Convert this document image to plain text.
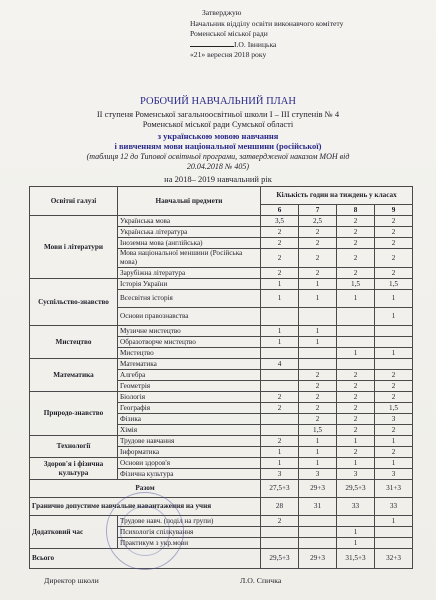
Затверджую
Начальник відділу освіти виконавчого комітету
Роменської міської ради
І.О. Івницька
«21» вересня 2018 року
РОБОЧИЙ НАВЧАЛЬНИЙ ПЛАН
ІІ ступеня Роменської загальноосвітньої школи І – ІІІ ступенів № 4
Роменської міської ради Сумської області
з українською мовою навчання
і вивченням мови національної меншини (російської)
(таблиця 12 до Типової освітньої програми, затвердженої наказом МОН від
20.04.2018 № 405)
на 2018– 2019 навчальний рік
Освітні галузі	Навчальні предмети	Кількість годин на тиждень у класах			
		6	7	8	9
Мови і літератури	Українська мова	3,5	2,5	2	2
	Українська література	2	2	2	2
	Іноземна мова (англійська)	2	2	2	2
	Мова національної меншини (Російська мова)	2	2	2	2
	Зарубіжна література	2	2	2	2
Суспільство-знавство	Історія України	1	1	1,5	1,5
	Всесвітня історія	1	1	1	1
	Основи правознавства				1
Мистецтво	Музичне мистецтво	1	1		
	Образотворче мистецтво	1	1		
	Мистецтво			1	1
Математика	Математика	4			
	Алгебра		2	2	2
	Геометрія		2	2	2
Природо-знавство	Біологія	2	2	2	2
	Географія	2	2	2	1,5
	Фізика		2	2	3
	Хімія		1,5	2	2
Технології	Трудове навчання	2	1	1	1
	Інформатика	1	1	2	2
Здоров'я і фізична культура	Основи здоров'я	1	1	1	1
	Фізична культура	3	3	3	3
Разом		27,5+3	29+3	29,5+3	31+3
Гранично допустиме навчальне навантаження на учня		28	31	33	33
Додатковий час	Трудове навч. (поділ на групи)	2			1
	Психологія спілкування			1	
	Практикум з укр.мови			1	
Всього		29,5+3	29+3	31,5+3	32+3
Директор школи	Л.О. Спичка
